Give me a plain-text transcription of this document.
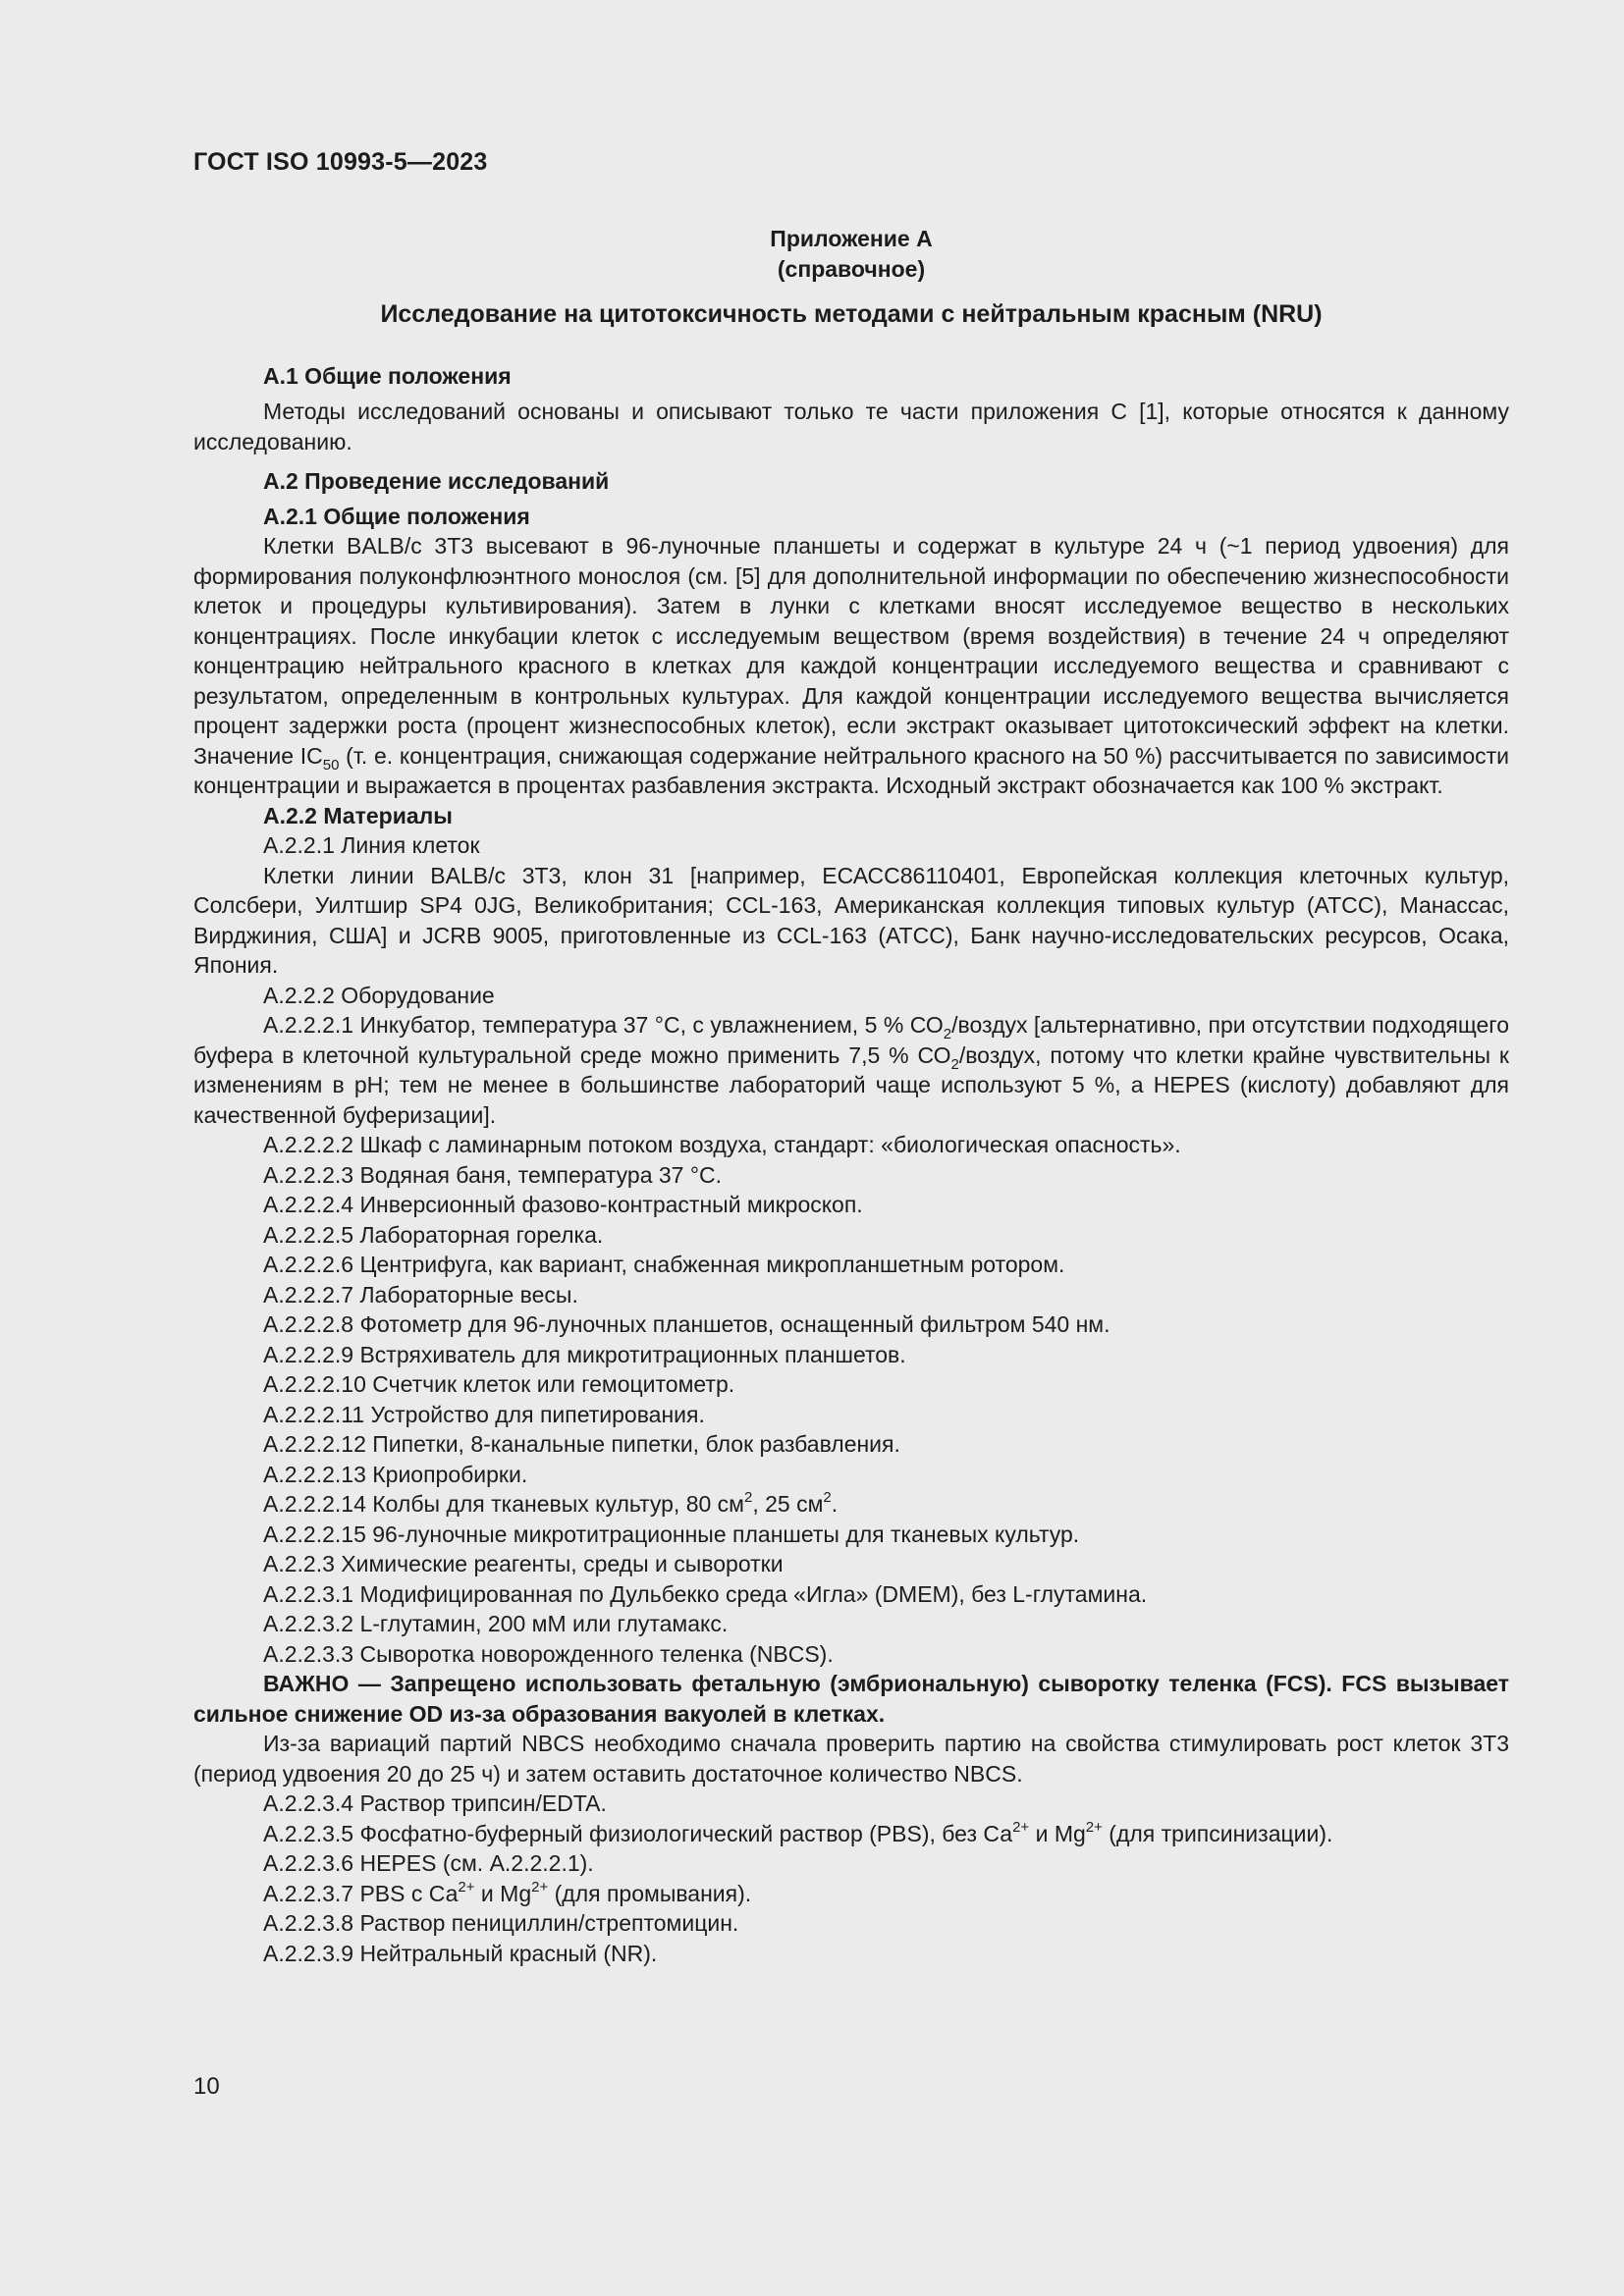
ГОСТ ISO 10993-5—2023
Приложение А
(справочное)
Исследование на цитотоксичность методами с нейтральным красным (NRU)
А.1 Общие положения
Методы исследований основаны и описывают только те части приложения С [1], которые относятся к данному исследованию.
А.2 Проведение исследований
А.2.1 Общие положения
Клетки BALB/c 3T3 высевают в 96-луночные планшеты и содержат в культуре 24 ч (~1 период удвоения) для формирования полуконфлюэнтного монослоя (см. [5] для дополнительной информации по обеспечению жизнеспособности клеток и процедуры культивирования). Затем в лунки с клетками вносят исследуемое вещество в нескольких концентрациях. После инкубации клеток с исследуемым веществом (время воздействия) в течение 24 ч определяют концентрацию нейтрального красного в клетках для каждой концентрации исследуемого вещества и сравнивают с результатом, определенным в контрольных культурах. Для каждой концентрации исследуемого вещества вычисляется процент задержки роста (процент жизнеспособных клеток), если экстракт оказывает цитотоксический эффект на клетки. Значение $IC_{50}$ (т. е. концентрация, снижающая содержание нейтрального красного на 50 %) рассчитывается по зависимости концентрации и выражается в процентах разбавления экстракта. Исходный экстракт обозначается как 100 % экстракт.
А.2.2 Материалы
А.2.2.1 Линия клеток
Клетки линии BALB/c 3T3, клон 31 [например, ЕСАСС86110401, Европейская коллекция клеточных культур, Солсбери, Уилтшир SP4 0JG, Великобритания; CCL-163, Американская коллекция типовых культур (АТСС), Манассас, Вирджиния, США] и JCRB 9005, приготовленные из CCL-163 (АТСС), Банк научно-исследовательских ресурсов, Осака, Япония.
А.2.2.2 Оборудование
А.2.2.2.1 Инкубатор, температура 37 °С, с увлажнением, 5 % $СО_2$/воздух [альтернативно, при отсутствии подходящего буфера в клеточной культуральной среде можно применить 7,5 % $СО_2$/воздух, потому что клетки крайне чувствительны к изменениям в pH; тем не менее в большинстве лабораторий чаще используют 5 %, а HEPES (кислоту) добавляют для качественной буферизации].
А.2.2.2.2 Шкаф с ламинарным потоком воздуха, стандарт: «биологическая опасность».
А.2.2.2.3 Водяная баня, температура 37 °С.
А.2.2.2.4 Инверсионный фазово-контрастный микроскоп.
А.2.2.2.5 Лабораторная горелка.
А.2.2.2.6 Центрифуга, как вариант, снабженная микропланшетным ротором.
А.2.2.2.7 Лабораторные весы.
А.2.2.2.8 Фотометр для 96-луночных планшетов, оснащенный фильтром 540 нм.
А.2.2.2.9 Встряхиватель для микротитрационных планшетов.
А.2.2.2.10 Счетчик клеток или гемоцитометр.
А.2.2.2.11 Устройство для пипетирования.
А.2.2.2.12 Пипетки, 8-канальные пипетки, блок разбавления.
А.2.2.2.13 Криопробирки.
А.2.2.2.14 Колбы для тканевых культур, 80 $см^2$, 25 $см^2$.
А.2.2.2.15 96-луночные микротитрационные планшеты для тканевых культур.
А.2.2.3 Химические реагенты, среды и сыворотки
А.2.2.3.1 Модифицированная по Дульбекко среда «Игла» (DMEM), без L-глутамина.
А.2.2.3.2 L-глутамин, 200 мМ или глутамакс.
А.2.2.3.3 Сыворотка новорожденного теленка (NBCS).
ВАЖНО — Запрещено использовать фетальную (эмбриональную) сыворотку теленка (FCS). FCS вызывает сильное снижение OD из-за образования вакуолей в клетках.
Из-за вариаций партий NBCS необходимо сначала проверить партию на свойства стимулировать рост клеток 3T3 (период удвоения 20 до 25 ч) и затем оставить достаточное количество NBCS.
А.2.2.3.4 Раствор трипсин/EDTA.
А.2.2.3.5 Фосфатно-буферный физиологический раствор (PBS), без $Са^{2+}$ и $Mg^{2+}$ (для трипсинизации).
А.2.2.3.6 HEPES (см. А.2.2.2.1).
А.2.2.3.7 PBS с $Са^{2+}$ и $Mg^{2+}$ (для промывания).
А.2.2.3.8 Раствор пенициллин/стрептомицин.
А.2.2.3.9 Нейтральный красный (NR).
10
